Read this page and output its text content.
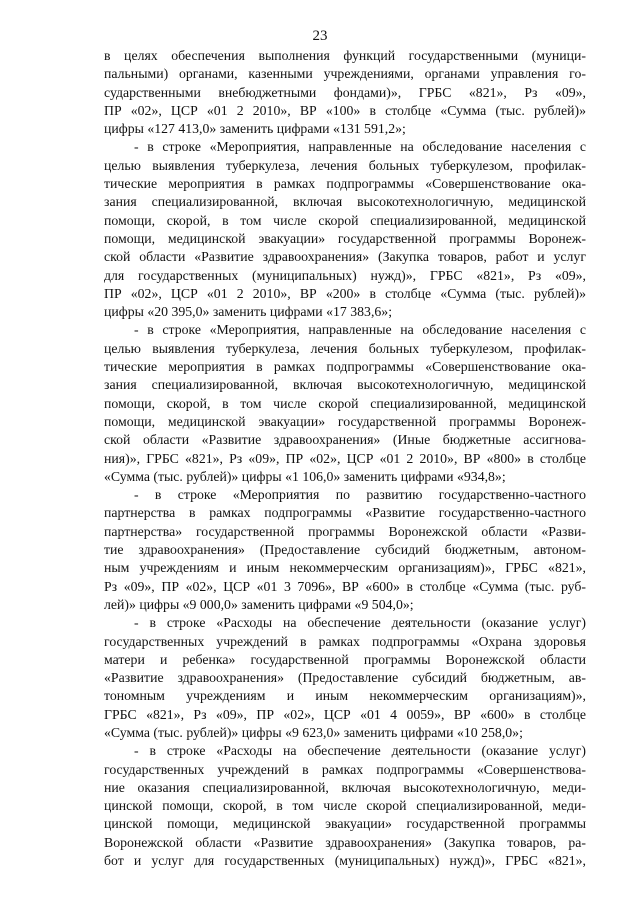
23
в целях обеспечения выполнения функций государственными (муници-
пальными) органами, казенными учреждениями, органами управления го-
сударственными внебюджетными фондами)», ГРБС «821», Рз «09»,
ПР «02», ЦСР «01 2 2010», ВР «100» в столбце «Сумма (тыс. рублей)»
цифры «127 413,0» заменить цифрами «131 591,2»;
- в строке «Мероприятия, направленные на обследование населения с
целью выявления туберкулеза, лечения больных туберкулезом, профилак-
тические мероприятия в рамках подпрограммы «Совершенствование ока-
зания специализированной, включая высокотехнологичную, медицинской
помощи, скорой, в том числе скорой специализированной, медицинской
помощи, медицинской эвакуации» государственной программы Воронеж-
ской области «Развитие здравоохранения» (Закупка товаров, работ и услуг
для государственных (муниципальных) нужд)», ГРБС «821», Рз «09»,
ПР «02», ЦСР «01 2 2010», ВР «200» в столбце «Сумма (тыс. рублей)»
цифры «20 395,0» заменить цифрами «17 383,6»;
- в строке «Мероприятия, направленные на обследование населения с
целью выявления туберкулеза, лечения больных туберкулезом, профилак-
тические мероприятия в рамках подпрограммы «Совершенствование ока-
зания специализированной, включая высокотехнологичную, медицинской
помощи, скорой, в том числе скорой специализированной, медицинской
помощи, медицинской эвакуации» государственной программы Воронеж-
ской области «Развитие здравоохранения» (Иные бюджетные ассигнова-
ния)», ГРБС «821», Рз «09», ПР «02», ЦСР «01 2 2010», ВР «800» в столбце
«Сумма (тыс. рублей)» цифры «1 106,0» заменить цифрами «934,8»;
- в строке «Мероприятия по развитию государственно-частного
партнерства в рамках подпрограммы «Развитие государственно-частного
партнерства» государственной программы Воронежской области «Разви-
тие здравоохранения» (Предоставление субсидий бюджетным, автоном-
ным учреждениям и иным некоммерческим организациям)», ГРБС «821»,
Рз «09», ПР «02», ЦСР «01 3 7096», ВР «600» в столбце «Сумма (тыс. руб-
лей)» цифры «9 000,0» заменить цифрами «9 504,0»;
- в строке «Расходы на обеспечение деятельности (оказание услуг)
государственных учреждений в рамках подпрограммы «Охрана здоровья
матери и ребенка» государственной программы Воронежской области
«Развитие здравоохранения» (Предоставление субсидий бюджетным, ав-
тономным учреждениям и иным некоммерческим организациям)»,
ГРБС «821», Рз «09», ПР «02», ЦСР «01 4 0059», ВР «600» в столбце
«Сумма (тыс. рублей)» цифры «9 623,0» заменить цифрами «10 258,0»;
- в строке «Расходы на обеспечение деятельности (оказание услуг)
государственных учреждений в рамках подпрограммы «Совершенствова-
ние оказания специализированной, включая высокотехнологичную, меди-
цинской помощи, скорой, в том числе скорой специализированной, меди-
цинской помощи, медицинской эвакуации» государственной программы
Воронежской области «Развитие здравоохранения» (Закупка товаров, ра-
бот и услуг для государственных (муниципальных) нужд)», ГРБС «821»,
